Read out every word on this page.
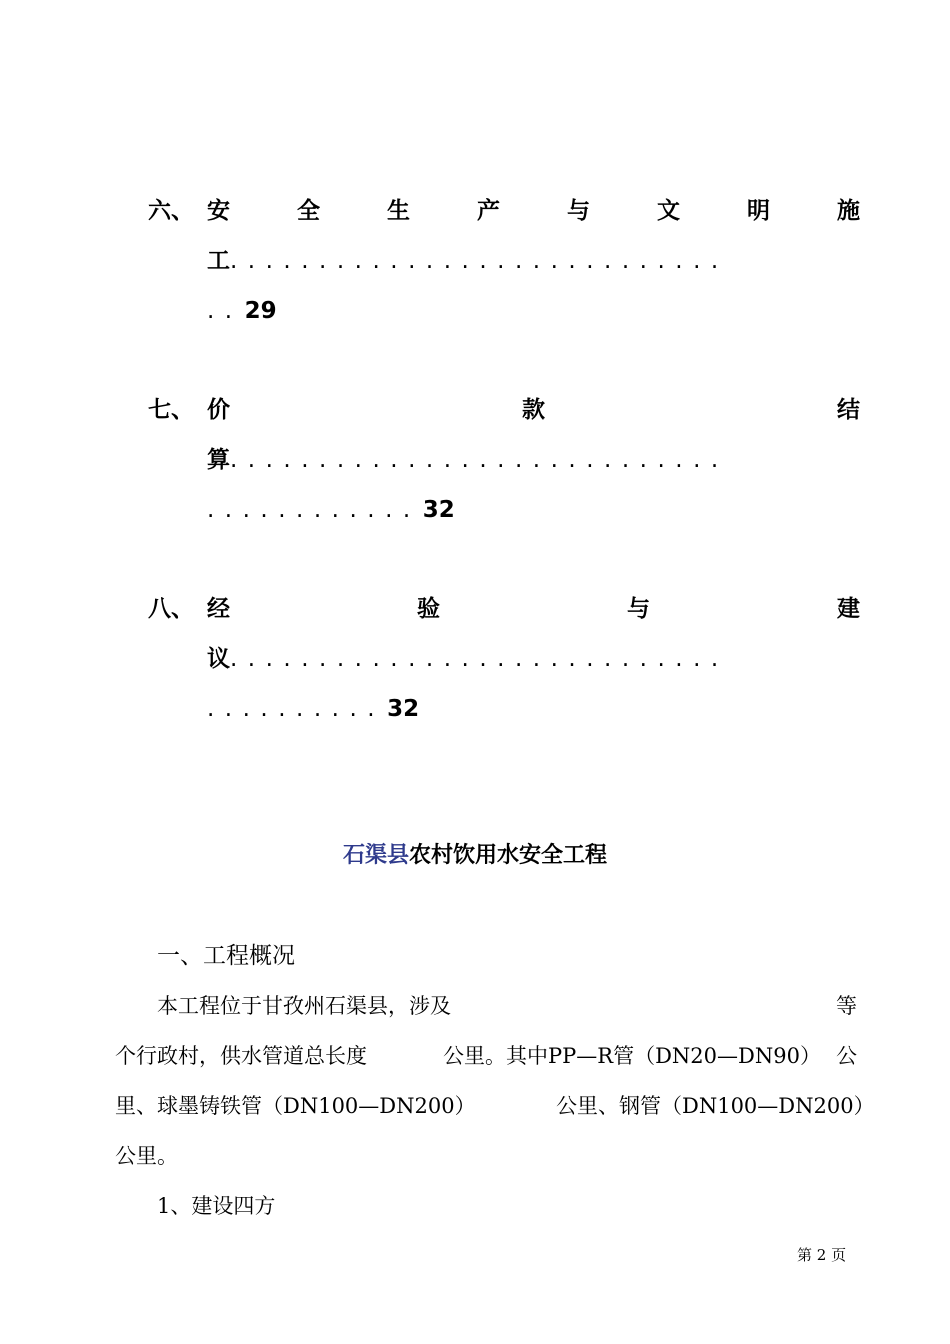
六、 安	全	生	产	与	文	明	施
工............................
..29
七、 价	款	结
算............................
............32
八、 经	验	与	建
议............................
..........32
石渠县农村饮用水安全工程
一、工程概况
本工程位于甘孜州石渠县，涉及	等
个行政村，供水管道总长度	公里。其中PP—R管（DN20—DN90） 公
里、球墨铸铁管（DN100—DN200）	公里、钢管（DN100—DN200）
公里。
1、建设四方
第 2 页
